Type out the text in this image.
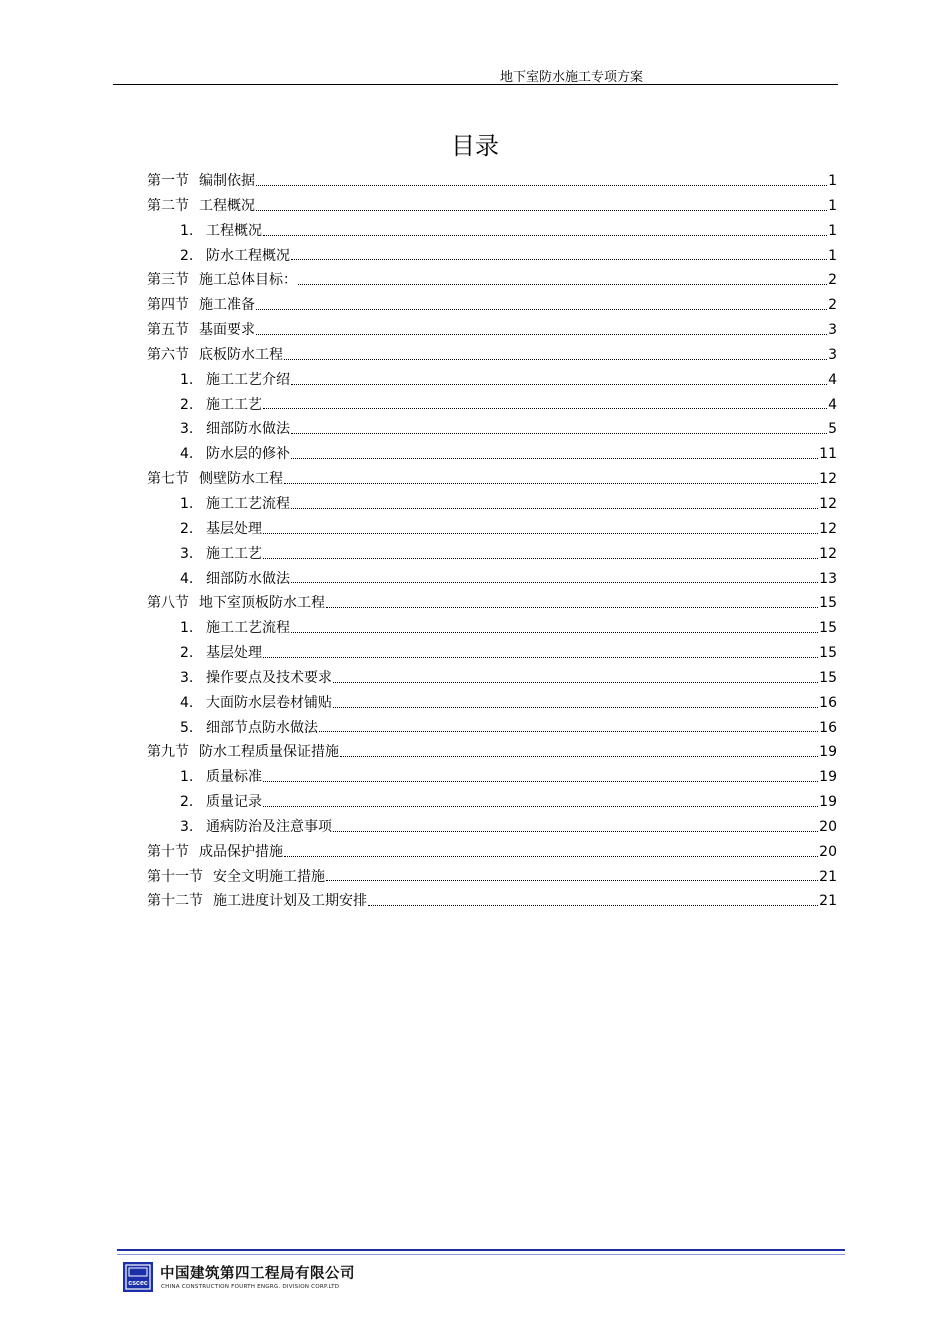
地下室防水施工专项方案
目录
第一节 编制依据	1
第二节 工程概况	1
1. 工程概况	1
2. 防水工程概况	1
第三节 施工总体目标：	2
第四节 施工准备	2
第五节 基面要求	3
第六节 底板防水工程	3
1. 施工工艺介绍	4
2. 施工工艺	4
3. 细部防水做法	5
4. 防水层的修补	11
第七节 侧壁防水工程	12
1. 施工工艺流程	12
2. 基层处理	12
3. 施工工艺	12
4. 细部防水做法	13
第八节 地下室顶板防水工程	15
1. 施工工艺流程	15
2. 基层处理	15
3. 操作要点及技术要求	15
4. 大面防水层卷材铺贴	16
5. 细部节点防水做法	16
第九节 防水工程质量保证措施	19
1. 质量标准	19
2. 质量记录	19
3. 通病防治及注意事项	20
第十节 成品保护措施	20
第十一节 安全文明施工措施	21
第十二节 施工进度计划及工期安排	21
cscec
中国建筑第四工程局有限公司
CHINA CONSTRUCTION FOURTH ENGRG. DIVISION CORP.LTD
